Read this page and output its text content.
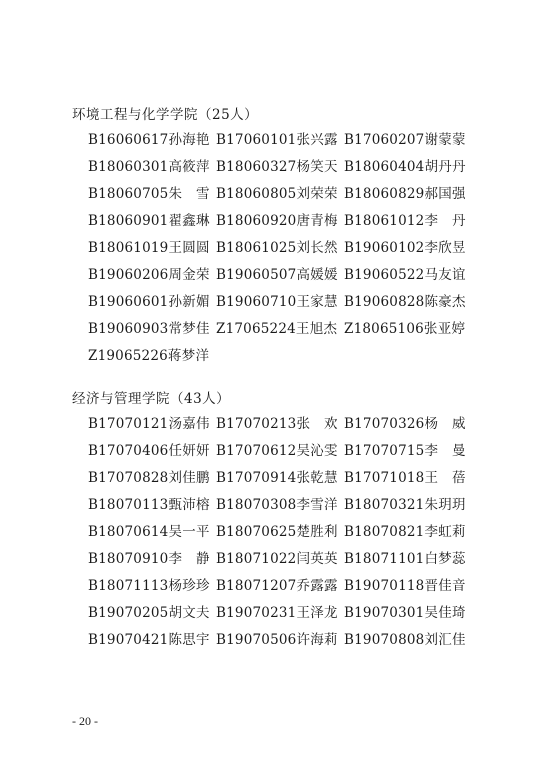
环境工程与化学学院（25人）
B16060617孙海艳 B17060101张兴露 B17060207谢蒙蒙
B18060301高筱萍 B18060327杨笑天 B18060404胡丹丹
B18060705朱　雪 B18060805刘荣荣 B18060829郝国强
B18060901翟鑫琳 B18060920唐青梅 B18061012李　丹
B18061019王圆圆 B18061025刘长然 B19060102李欣昱
B19060206周金荣 B19060507高媛媛 B19060522马友谊
B19060601孙新媚 B19060710王家慧 B19060828陈豪杰
B19060903常梦佳 Z17065224王旭杰 Z18065106张亚婷
Z19065226蒋梦洋
经济与管理学院（43人）
B17070121汤嘉伟 B17070213张　欢 B17070326杨　威
B17070406任妍妍 B17070612吴沁雯 B17070715李　曼
B17070828刘佳鹏 B17070914张乾慧 B17071018王　蓓
B18070113甄沛榕 B18070308李雪洋 B18070321朱玥玥
B18070614吴一平 B18070625楚胜利 B18070821李虹莉
B18070910李　静 B18071022闫英英 B18071101白梦蕊
B18071113杨珍珍 B18071207乔露露 B19070118晋佳音
B19070205胡文夫 B19070231王泽龙 B19070301吴佳琦
B19070421陈思宇 B19070506许海莉 B19070808刘汇佳
- 20 -
